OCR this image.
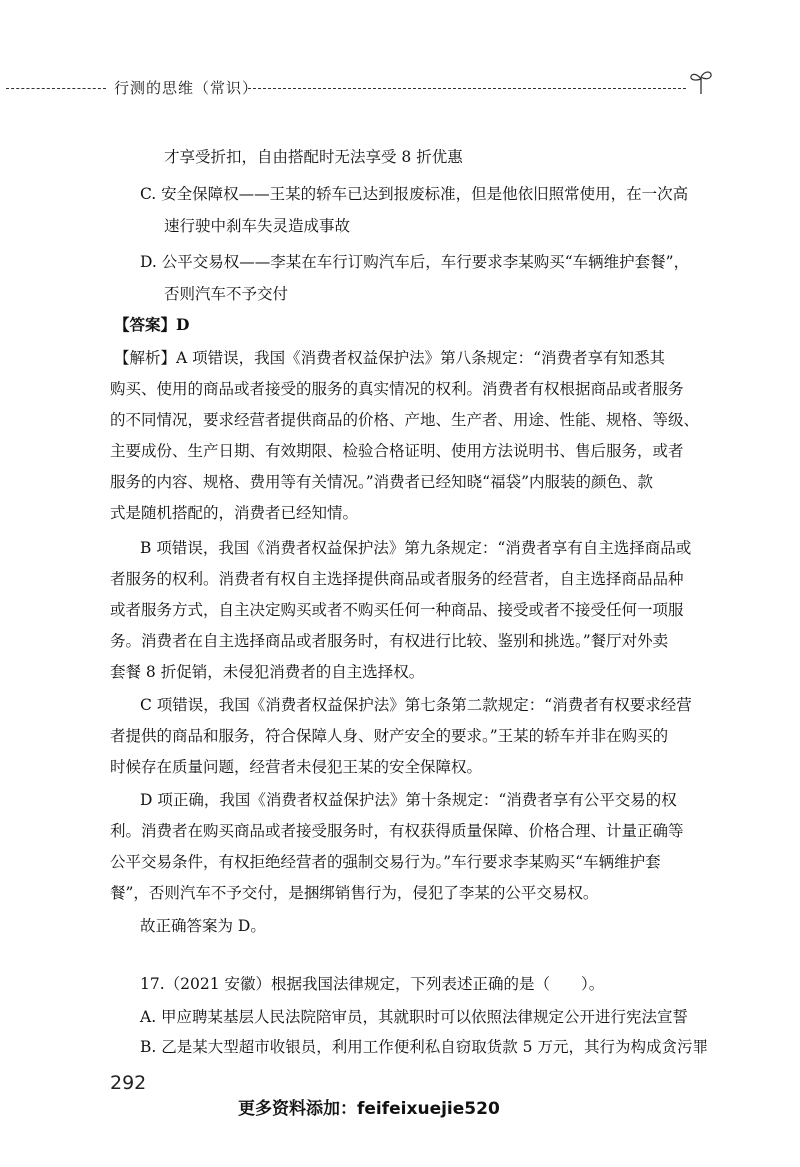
行测的思维（常识）
才享受折扣，自由搭配时无法享受 8 折优惠
C. 安全保障权——王某的轿车已达到报废标准，但是他依旧照常使用，在一次高
速行驶中刹车失灵造成事故
D. 公平交易权——李某在车行订购汽车后，车行要求李某购买“车辆维护套餐”，
否则汽车不予交付
【答案】D
【解析】A 项错误，我国《消费者权益保护法》第八条规定：“消费者享有知悉其
购买、使用的商品或者接受的服务的真实情况的权利。消费者有权根据商品或者服务
的不同情况，要求经营者提供商品的价格、产地、生产者、用途、性能、规格、等级、
主要成份、生产日期、有效期限、检验合格证明、使用方法说明书、售后服务，或者
服务的内容、规格、费用等有关情况。”消费者已经知晓“福袋”内服装的颜色、款
式是随机搭配的，消费者已经知情。
B 项错误，我国《消费者权益保护法》第九条规定：“消费者享有自主选择商品或
者服务的权利。消费者有权自主选择提供商品或者服务的经营者，自主选择商品品种
或者服务方式，自主决定购买或者不购买任何一种商品、接受或者不接受任何一项服
务。消费者在自主选择商品或者服务时，有权进行比较、鉴别和挑选。”餐厅对外卖
套餐 8 折促销，未侵犯消费者的自主选择权。
C 项错误，我国《消费者权益保护法》第七条第二款规定：“消费者有权要求经营
者提供的商品和服务，符合保障人身、财产安全的要求。”王某的轿车并非在购买的
时候存在质量问题，经营者未侵犯王某的安全保障权。
D 项正确，我国《消费者权益保护法》第十条规定：“消费者享有公平交易的权
利。消费者在购买商品或者接受服务时，有权获得质量保障、价格合理、计量正确等
公平交易条件，有权拒绝经营者的强制交易行为。”车行要求李某购买“车辆维护套
餐”，否则汽车不予交付，是捆绑销售行为，侵犯了李某的公平交易权。
故正确答案为 D。
17.（2021 安徽）根据我国法律规定，下列表述正确的是（　　）。
A. 甲应聘某基层人民法院陪审员，其就职时可以依照法律规定公开进行宪法宣誓
B. 乙是某大型超市收银员，利用工作便利私自窃取货款 5 万元，其行为构成贪污罪
292
更多资料添加：feifeixuejie520
